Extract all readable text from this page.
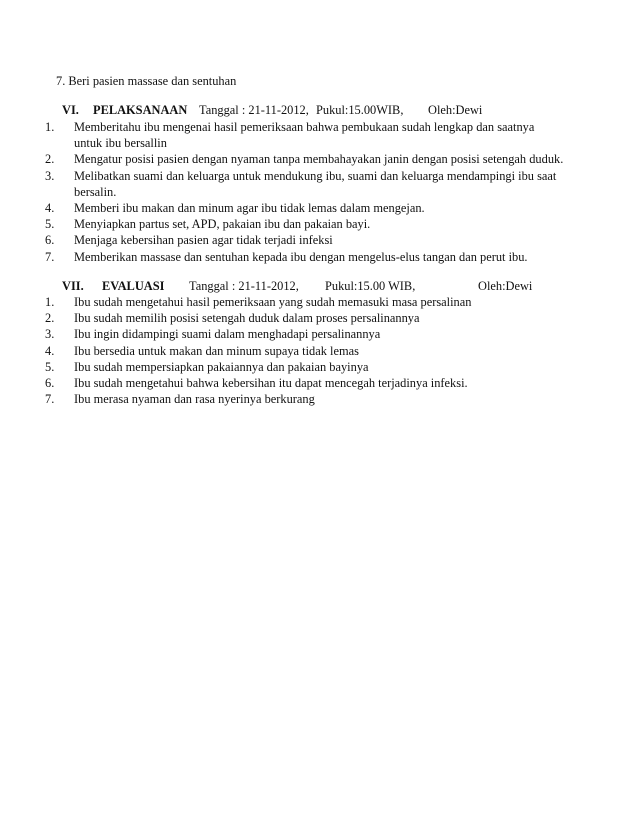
7. Beri pasien massase dan sentuhan
VI. PELAKSANAAN Tanggal : 21-11-2012, Pukul:15.00WIB, Oleh:Dewi
1. Memberitahu ibu mengenai hasil pemeriksaan bahwa pembukaan sudah lengkap dan saatnya untuk ibu bersallin
2. Mengatur posisi pasien dengan nyaman tanpa membahayakan janin dengan posisi setengah duduk.
3. Melibatkan suami dan keluarga untuk mendukung ibu, suami dan keluarga mendampingi ibu saat bersalin.
4. Memberi ibu makan dan minum agar ibu tidak lemas dalam mengejan.
5. Menyiapkan partus set, APD, pakaian ibu dan pakaian bayi.
6. Menjaga kebersihan pasien agar tidak terjadi infeksi
7. Memberikan massase dan sentuhan kepada ibu dengan mengelus-elus tangan dan perut ibu.
VII. EVALUASI Tanggal : 21-11-2012, Pukul:15.00 WIB,	Oleh:Dewi
1. Ibu sudah mengetahui hasil pemeriksaan yang sudah memasuki masa persalinan
2. Ibu sudah memilih posisi setengah duduk dalam proses persalinannya
3. Ibu ingin didampingi suami dalam menghadapi persalinannya
4. Ibu bersedia untuk makan dan minum supaya tidak lemas
5. Ibu sudah mempersiapkan pakaiannya dan pakaian bayinya
6. Ibu sudah mengetahui bahwa kebersihan itu dapat mencegah terjadinya infeksi.
7. Ibu merasa nyaman dan rasa nyerinya berkurang
